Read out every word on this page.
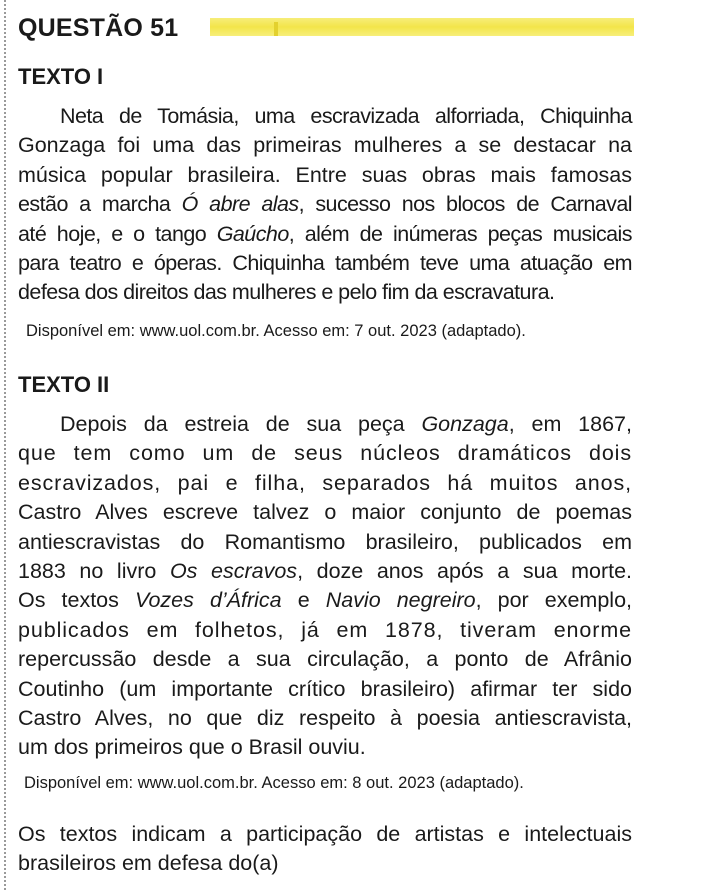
QUESTÃO 51
TEXTO I
Neta de Tomásia, uma escravizada alforriada, Chiquinha
Gonzaga foi uma das primeiras mulheres a se destacar na
música popular brasileira. Entre suas obras mais famosas
estão a marcha Ó abre alas, sucesso nos blocos de Carnaval
até hoje, e o tango Gaúcho, além de inúmeras peças musicais
para teatro e óperas. Chiquinha também teve uma atuação em
defesa dos direitos das mulheres e pelo fim da escravatura.
Disponível em: www.uol.com.br. Acesso em: 7 out. 2023 (adaptado).
TEXTO II
Depois da estreia de sua peça Gonzaga, em 1867,
que tem como um de seus núcleos dramáticos dois
escravizados, pai e filha, separados há muitos anos,
Castro Alves escreve talvez o maior conjunto de poemas
antiescravistas do Romantismo brasileiro, publicados em
1883 no livro Os escravos, doze anos após a sua morte.
Os textos Vozes d’África e Navio negreiro, por exemplo,
publicados em folhetos, já em 1878, tiveram enorme
repercussão desde a sua circulação, a ponto de Afrânio
Coutinho (um importante crítico brasileiro) afirmar ter sido
Castro Alves, no que diz respeito à poesia antiescravista,
um dos primeiros que o Brasil ouviu.
Disponível em: www.uol.com.br. Acesso em: 8 out. 2023 (adaptado).
Os textos indicam a participação de artistas e intelectuais
brasileiros em defesa do(a)
